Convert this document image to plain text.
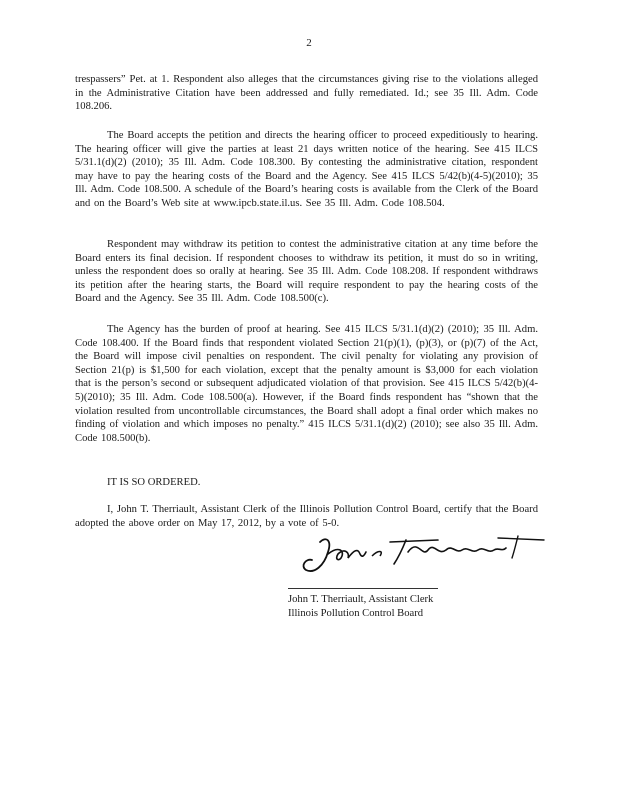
2
trespassers” Pet. at 1. Respondent also alleges that the circumstances giving rise to the violations alleged in the Administrative Citation have been addressed and fully remediated. Id.; see 35 Ill. Adm. Code 108.206.
The Board accepts the petition and directs the hearing officer to proceed expeditiously to hearing. The hearing officer will give the parties at least 21 days written notice of the hearing. See 415 ILCS 5/31.1(d)(2) (2010); 35 Ill. Adm. Code 108.300. By contesting the administrative citation, respondent may have to pay the hearing costs of the Board and the Agency. See 415 ILCS 5/42(b)(4-5)(2010); 35 Ill. Adm. Code 108.500. A schedule of the Board’s hearing costs is available from the Clerk of the Board and on the Board’s Web site at www.ipcb.state.il.us. See 35 Ill. Adm. Code 108.504.
Respondent may withdraw its petition to contest the administrative citation at any time before the Board enters its final decision. If respondent chooses to withdraw its petition, it must do so in writing, unless the respondent does so orally at hearing. See 35 Ill. Adm. Code 108.208. If respondent withdraws its petition after the hearing starts, the Board will require respondent to pay the hearing costs of the Board and the Agency. See 35 Ill. Adm. Code 108.500(c).
The Agency has the burden of proof at hearing. See 415 ILCS 5/31.1(d)(2) (2010); 35 Ill. Adm. Code 108.400. If the Board finds that respondent violated Section 21(p)(1), (p)(3), or (p)(7) of the Act, the Board will impose civil penalties on respondent. The civil penalty for violating any provision of Section 21(p) is $1,500 for each violation, except that the penalty amount is $3,000 for each violation that is the person’s second or subsequent adjudicated violation of that provision. See 415 ILCS 5/42(b)(4-5)(2010); 35 Ill. Adm. Code 108.500(a). However, if the Board finds respondent has “shown that the violation resulted from uncontrollable circumstances, the Board shall adopt a final order which makes no finding of violation and which imposes no penalty.” 415 ILCS 5/31.1(d)(2) (2010); see also 35 Ill. Adm. Code 108.500(b).
IT IS SO ORDERED.
I, John T. Therriault, Assistant Clerk of the Illinois Pollution Control Board, certify that the Board adopted the above order on May 17, 2012, by a vote of 5-0.
John T. Therriault, Assistant Clerk
Illinois Pollution Control Board
